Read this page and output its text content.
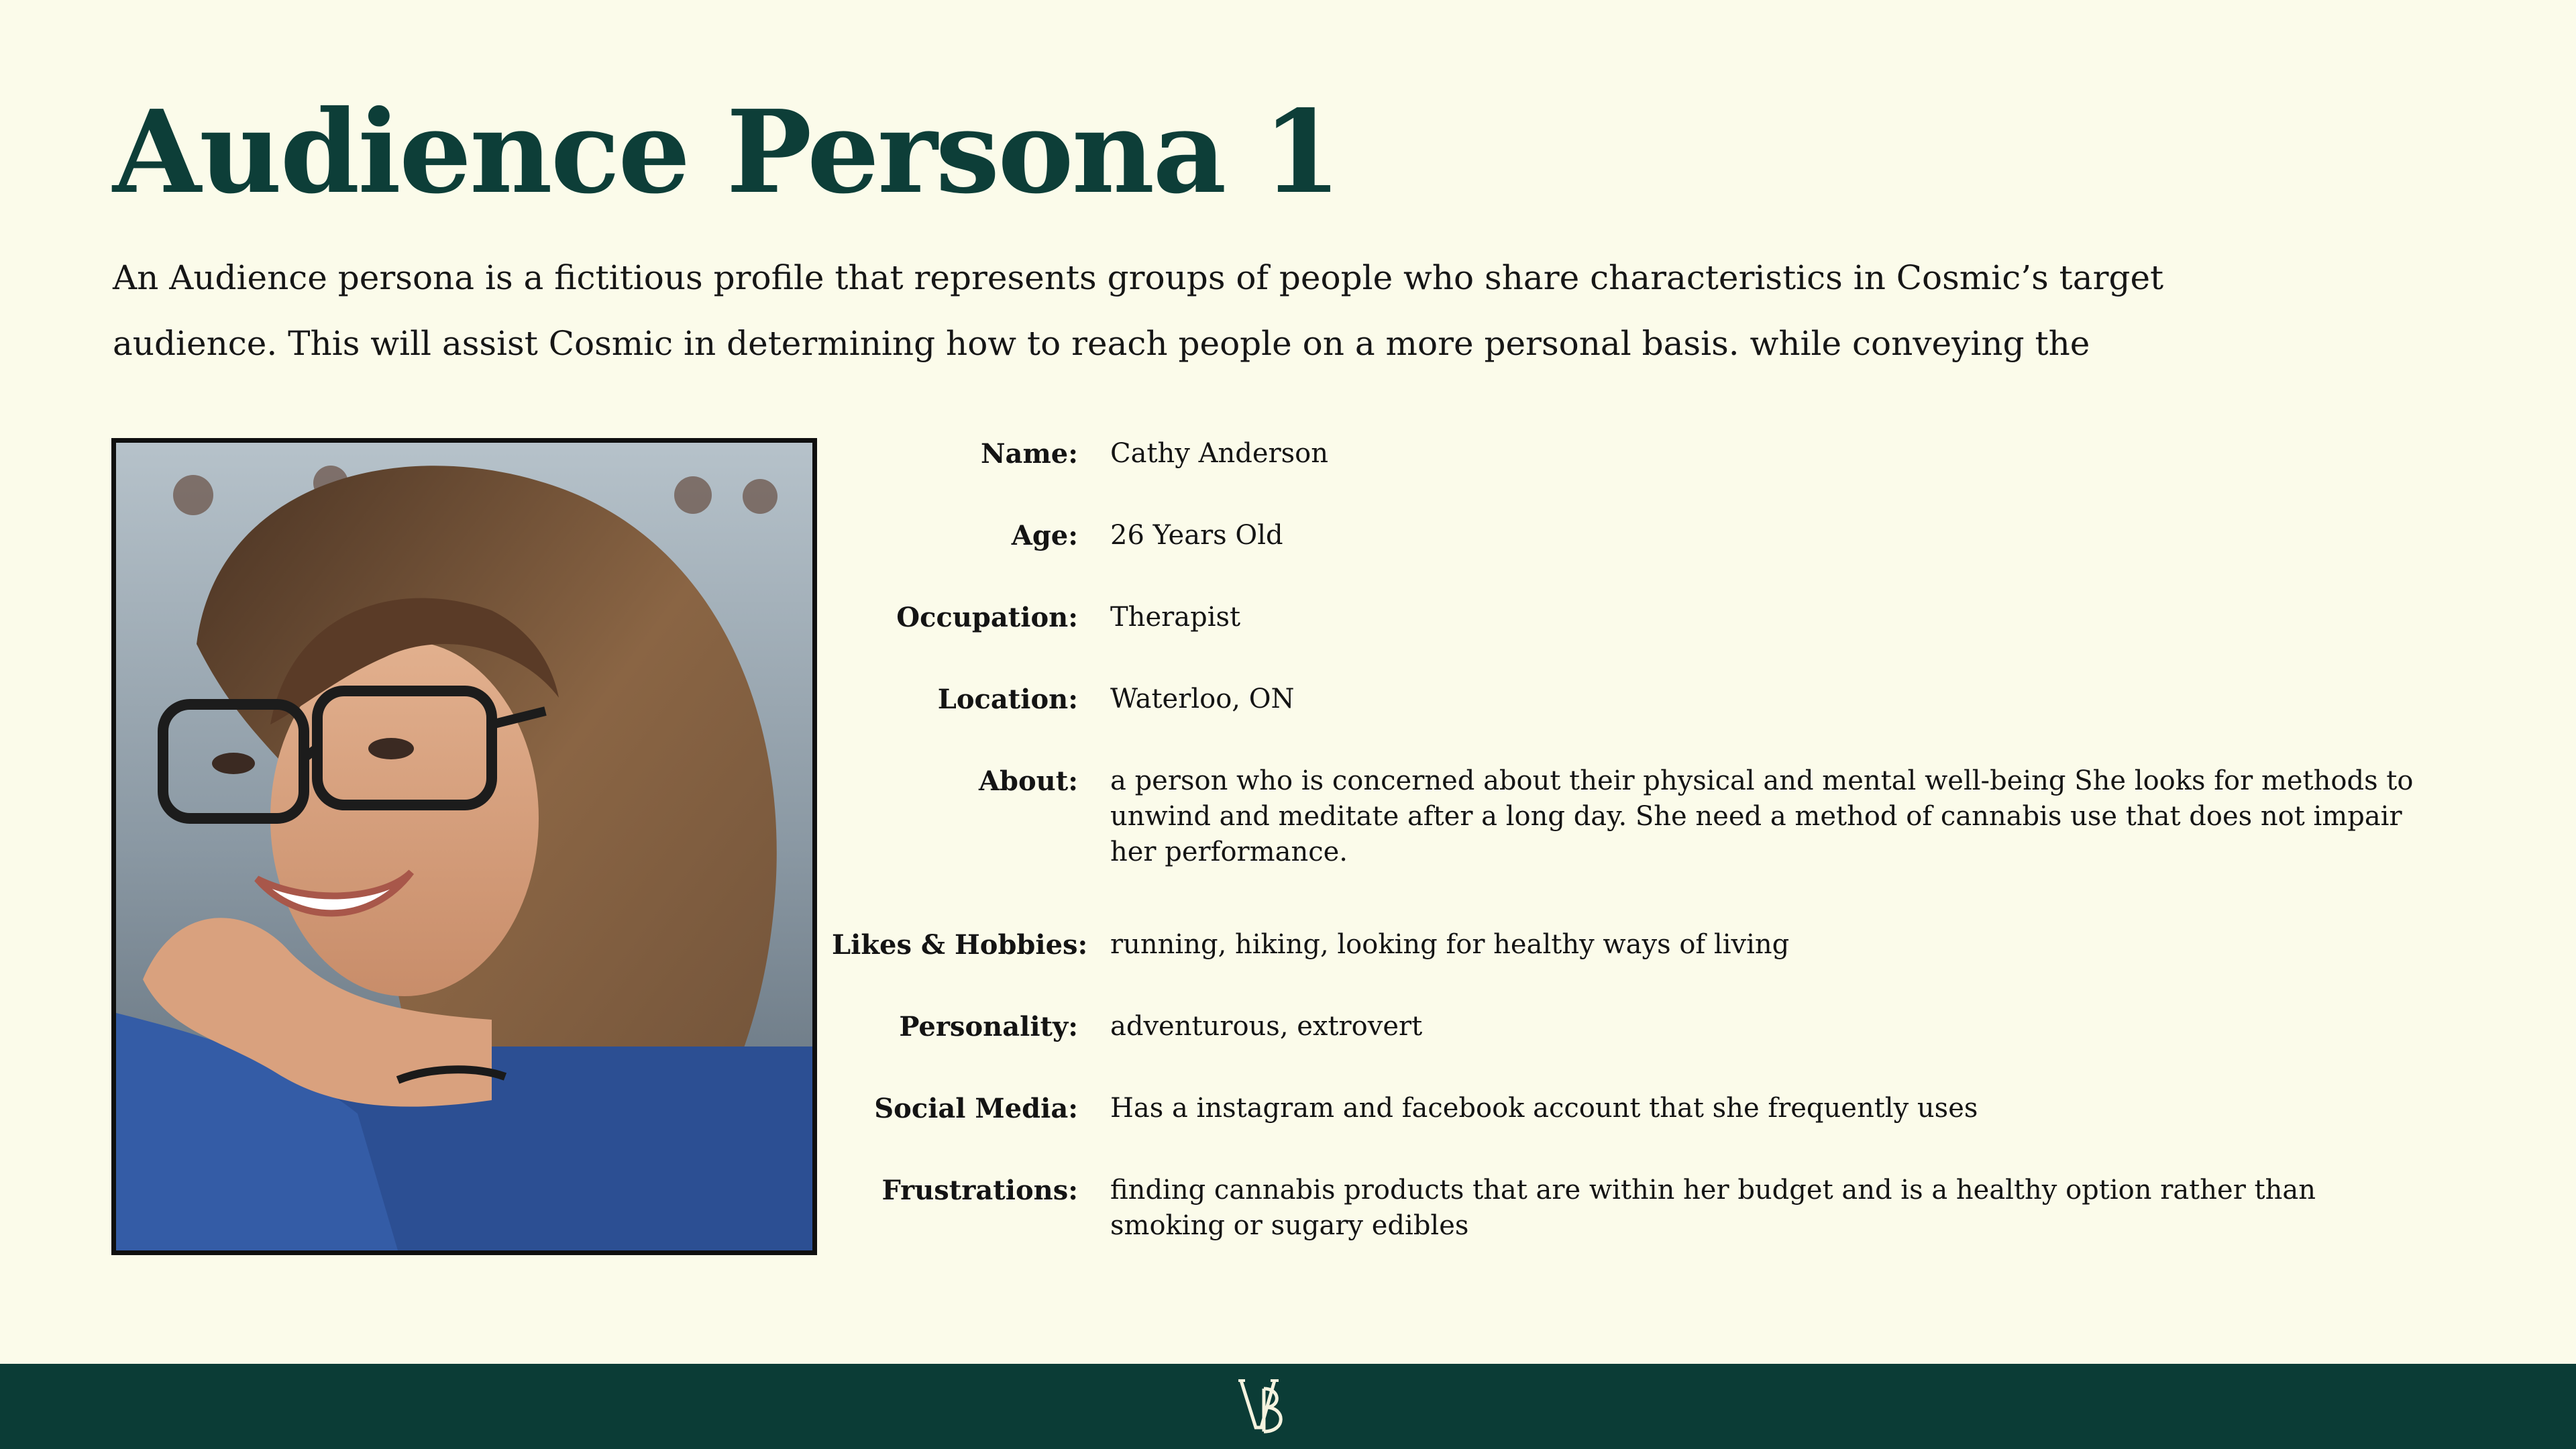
Audience Persona 1

An Audience persona is a fictitious profile that represents groups of people who share characteristics in Cosmic’s target audience. This will assist Cosmic in determining how to reach people on a more personal basis. while conveying the

Name:	Cathy Anderson
Age:	26 Years Old
Occupation:	Therapist
Location:	Waterloo, ON
About:	a person who is concerned about their physical and mental well-being She looks for methods to unwind and meditate after a long day. She need a method of cannabis use that does not impair her performance.
Likes & Hobbies: running, hiking, looking for healthy ways of living
Personality:	adventurous, extrovert
Social Media:	Has a instagram and facebook account that she frequently uses
Frustrations:	finding cannabis products that are within her budget and is a healthy option rather than smoking or sugary edibles
